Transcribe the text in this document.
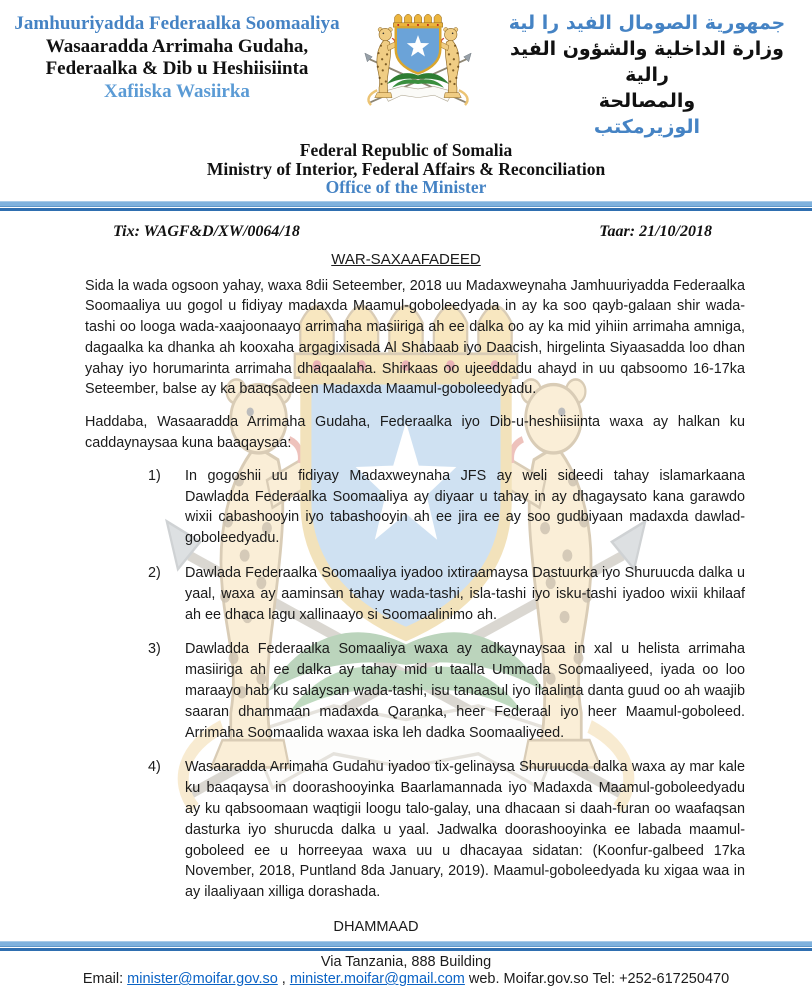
Jamhuuriyadda Federaalka Soomaaliya
Wasaaradda Arrimaha Gudaha,
Federaalka & Dib u Heshiisiinta
Xafiiska Wasiirka
جمهورية الصومال الفيد را لية
وزارة الداخلية والشؤون الفيد رالية
والمصالحة
الوزيرمكتب
Federal Republic of Somalia
Ministry of Interior, Federal Affairs & Reconciliation
Office of the Minister
Tix: WAGF&D/XW/0064/18	Taar: 21/10/2018
WAR-SAXAAFADEED

Sida la wada ogsoon yahay, waxa 8dii Seteember, 2018 uu Madaxweynaha Jamhuuriyadda Federaalka Soomaaliya uu gogol u fidiyay madaxda Maamul-goboleedyada in ay ka soo qayb-galaan shir wada-tashi oo looga wada-xaajoonaayo arrimaha masiiriga ah ee dalka oo ay ka mid yihiin arrimaha amniga, dagaalka ka dhanka ah kooxaha argagixisada Al Shabaab iyo Daacish, hirgelinta Siyaasadda loo dhan yahay iyo horumarinta arrimaha dhaqaalaha. Shirkaas oo ujeeddadu ahayd in uu qabsoomo 16-17ka Seteember, balse ay ka baaqsadeen Madaxda Maamul-goboleedyadu.

Haddaba, Wasaaradda Arrimaha Gudaha, Federaalka iyo Dib-u-heshiisiinta waxa ay halkan ku caddaynaysaa kuna baaqaysaa:

1) In gogoshii uu fidiyay Madaxweynaha JFS ay weli sideedi tahay islamarkaana Dawladda Federaalka Soomaaliya ay diyaar u tahay in ay dhagaysato kana garawdo wixii cabashooyin iyo tabashooyin ah ee jira ee ay soo gudbiyaan madaxda dawlad-goboleedyadu.
2) Dawlada Federaalka Soomaaliya iyadoo ixtiraamaysa Dastuurka iyo Shuruucda dalka u yaal, waxa ay aaminsan tahay wada-tashi, isla-tashi iyo isku-tashi iyadoo wixii khilaaf ah ee dhaca lagu xallinaayo si Soomaalinimo ah.
3) Dawladda Federaalka Somaaliya waxa ay adkaynaysaa in xal u helista arrimaha masiiriga ah ee dalka ay tahay mid u taalla Ummada Soomaaliyeed, iyada oo loo maraayo hab ku salaysan wada-tashi, isu tanaasul iyo ilaalinta danta guud oo ah waajib saaran dhammaan madaxda Qaranka, heer Federaal iyo heer Maamul-goboleed. Arrimaha Soomaalida waxaa iska leh dadka Soomaaliyeed.
4) Wasaaradda Arrimaha Gudahu iyadoo tix-gelinaysa Shuruucda dalka waxa ay mar kale ku baaqaysa in doorashooyinka Baarlamannada iyo Madaxda Maamul-goboleedyadu ay ku qabsoomaan waqtigii loogu talo-galay, una dhacaan si daah-furan oo waafaqsan dasturka iyo shurucda dalka u yaal. Jadwalka doorashooyinka ee labada maamul-goboleed ee u horreeyaa waxa uu u dhacayaa sidatan: (Koonfur-galbeed 17ka November, 2018, Puntland 8da January, 2019). Maamul-goboleedyada ku xigaa waa in ay ilaaliyaan xilliga dorashada.

DHAMMAAD

Via Tanzania, 888 Building
Email: minister@moifar.gov.so , minister.moifar@gmail.com web. Moifar.gov.so Tel: +252-617250470
